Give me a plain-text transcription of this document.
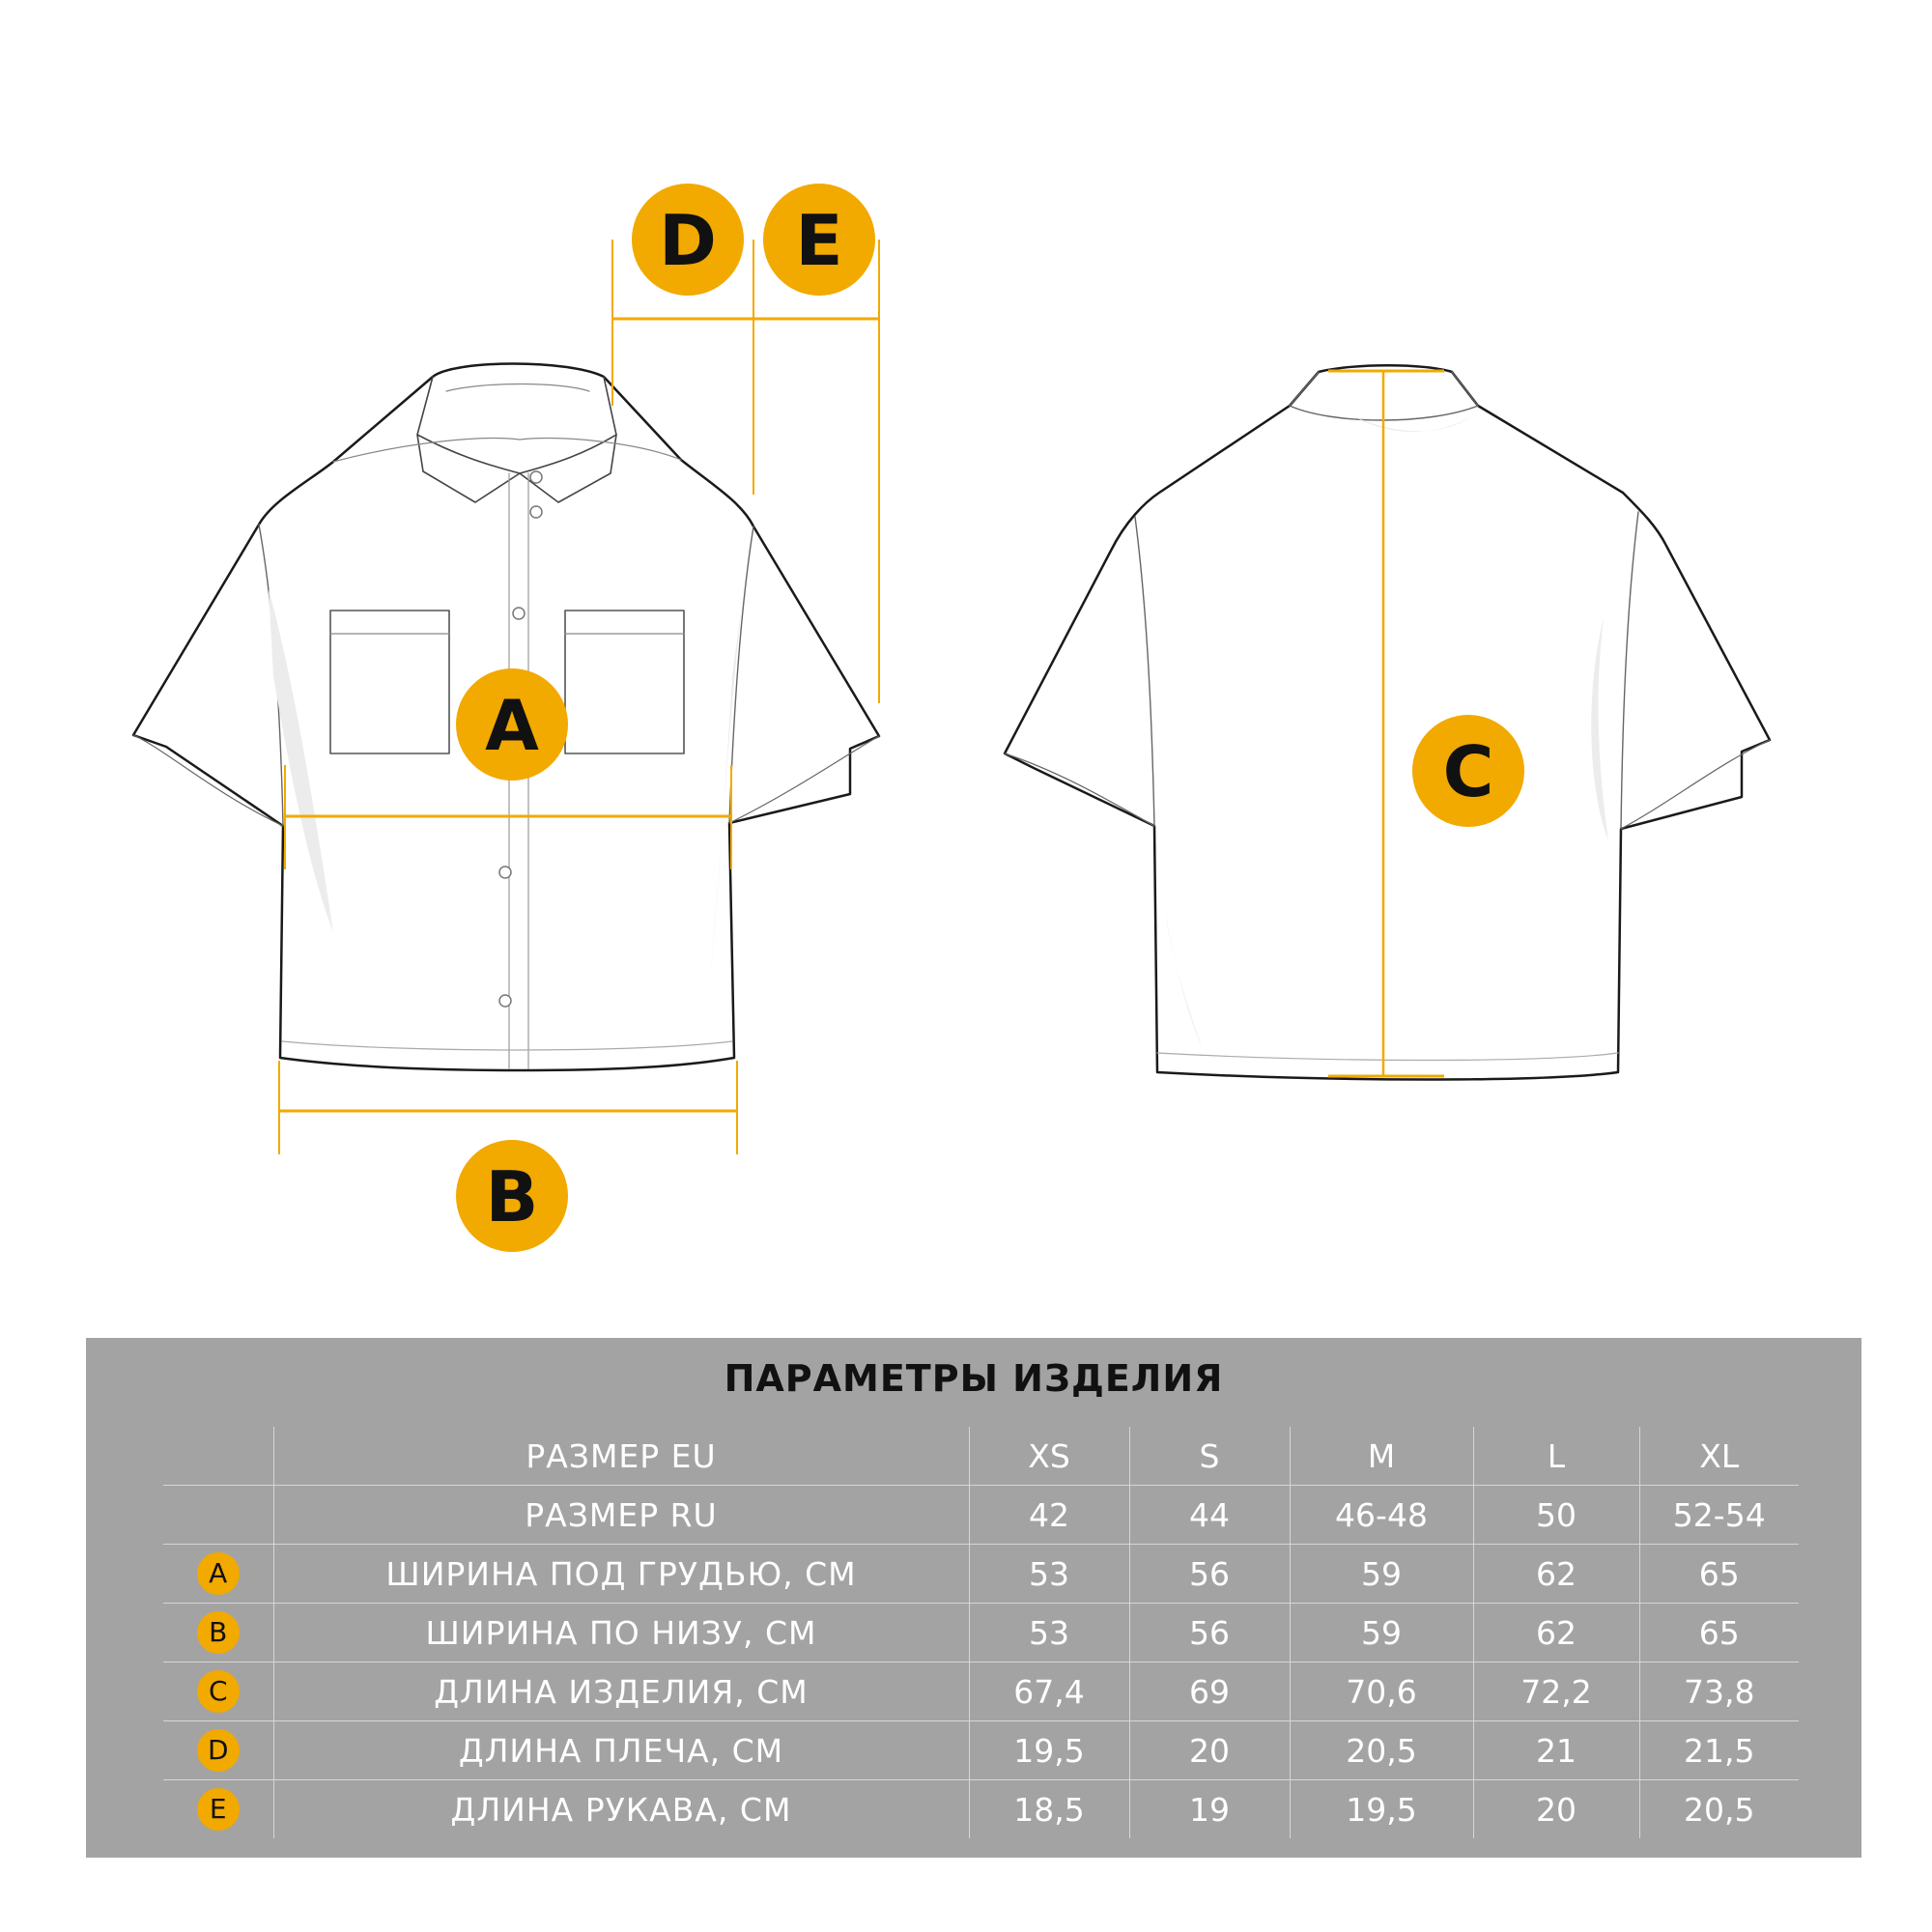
A
B
D E
C
ПАРАМЕТРЫ ИЗДЕЛИЯ
	РАЗМЕР EU	XS	S	M	L	XL
	РАЗМЕР RU	42	44	46-48	50	52-54
A	ШИРИНА ПОД ГРУДЬЮ, СМ	53	56	59	62	65
B	ШИРИНА ПО НИЗУ, СМ	53	56	59	62	65
C	ДЛИНА ИЗДЕЛИЯ, СМ	67,4	69	70,6	72,2	73,8
D	ДЛИНА ПЛЕЧА, СМ	19,5	20	20,5	21	21,5
E	ДЛИНА РУКАВА, СМ	18,5	19	19,5	20	20,5
